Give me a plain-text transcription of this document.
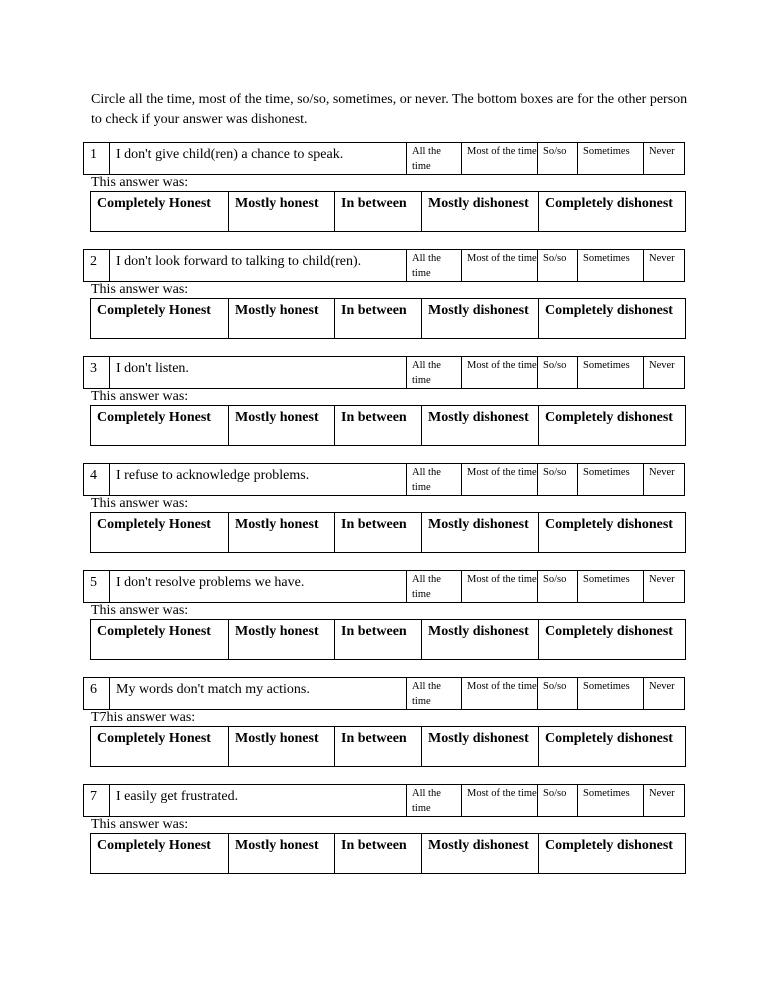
Circle all the time, most of the time, so/so, sometimes, or never. The bottom boxes are for the other person to check if your answer was dishonest.
1	I don't give child(ren) a chance to speak.	All the time	Most of the time	So/so	Sometimes	Never
This answer was:
Completely Honest	Mostly honest	In between	Mostly dishonest	Completely dishonest
2	I don't look forward to talking to child(ren).	All the time	Most of the time	So/so	Sometimes	Never
This answer was:
Completely Honest	Mostly honest	In between	Mostly dishonest	Completely dishonest
3	I don't listen.	All the time	Most of the time	So/so	Sometimes	Never
This answer was:
Completely Honest	Mostly honest	In between	Mostly dishonest	Completely dishonest
4	I refuse to acknowledge problems.	All the time	Most of the time	So/so	Sometimes	Never
This answer was:
Completely Honest	Mostly honest	In between	Mostly dishonest	Completely dishonest
5	I don't resolve problems we have.	All the time	Most of the time	So/so	Sometimes	Never
This answer was:
Completely Honest	Mostly honest	In between	Mostly dishonest	Completely dishonest
6	My words don't match my actions.	All the time	Most of the time	So/so	Sometimes	Never
T7his answer was:
Completely Honest	Mostly honest	In between	Mostly dishonest	Completely dishonest
7	I easily get frustrated.	All the time	Most of the time	So/so	Sometimes	Never
This answer was:
Completely Honest	Mostly honest	In between	Mostly dishonest	Completely dishonest
